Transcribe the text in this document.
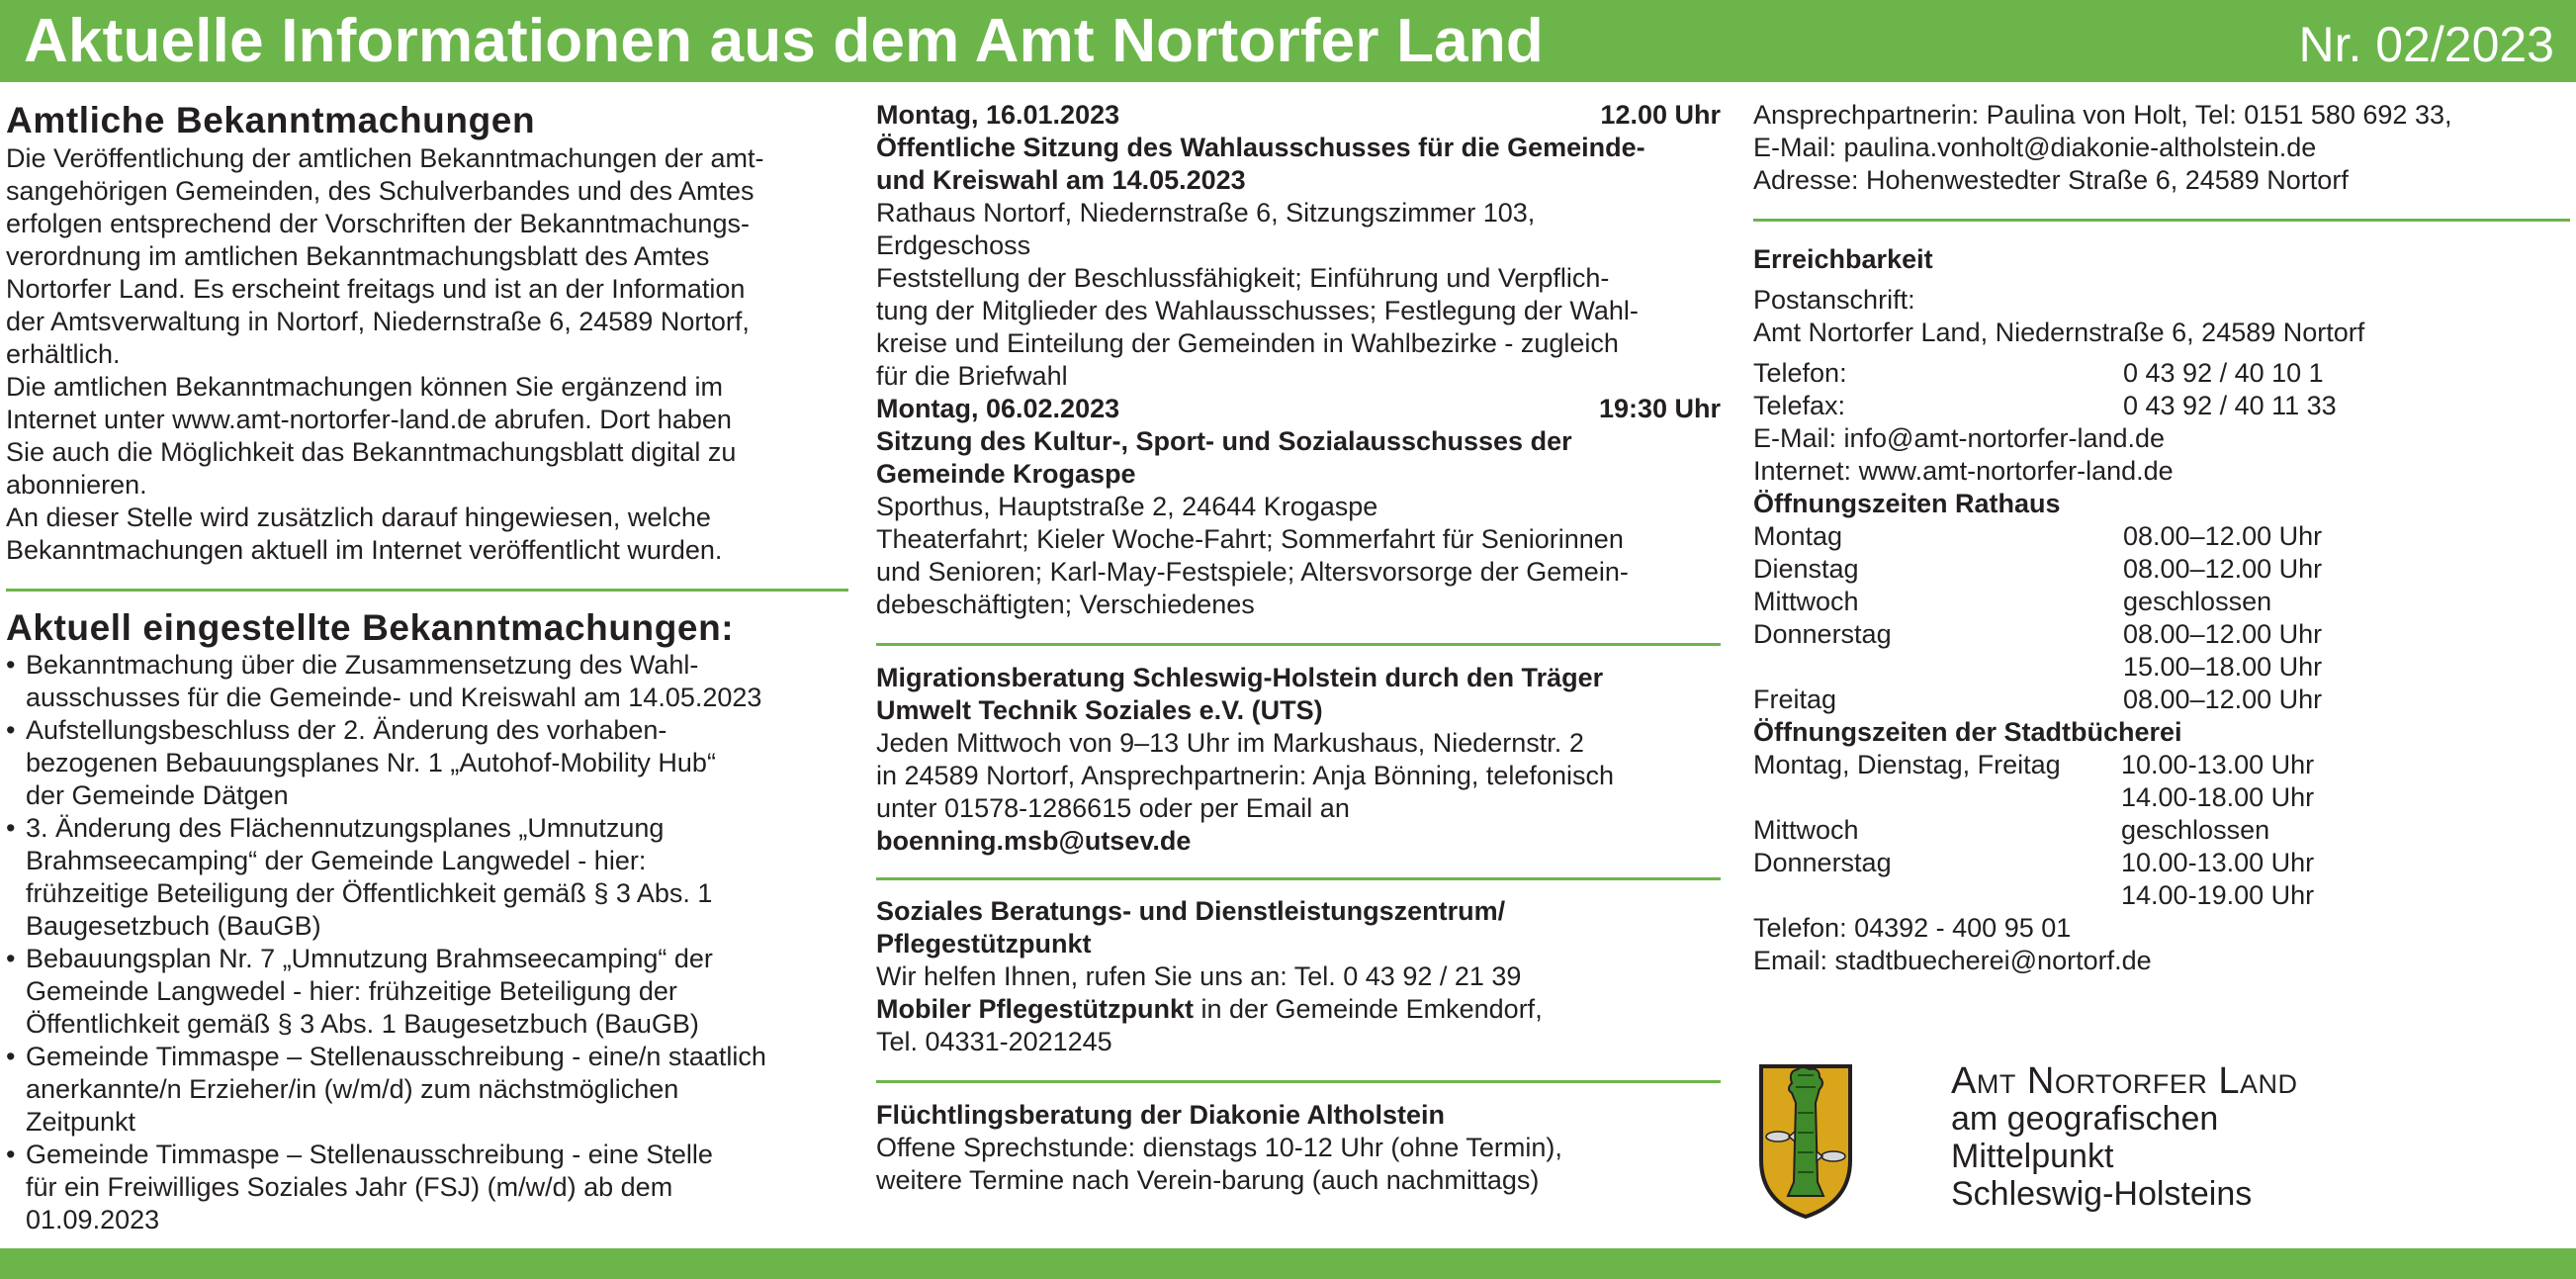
Aktuelle Informationen aus dem Amt Nortorfer Land	Nr. 02/2023
Amtliche Bekanntmachungen

Die Veröffentlichung der amtlichen Bekanntmachungen der amt-
sangehörigen Gemeinden, des Schulverbandes und des Amtes
erfolgen entsprechend der Vorschriften der Bekanntmachungs-
verordnung im amtlichen Bekanntmachungsblatt des Amtes
Nortorfer Land. Es erscheint freitags und ist an der Information
der Amtsverwaltung in Nortorf, Niedernstraße 6, 24589 Nortorf,
erhältlich.

Die amtlichen Bekanntmachungen können Sie ergänzend im
Internet unter www.amt-nortorfer-land.de abrufen. Dort haben
Sie auch die Möglichkeit das Bekanntmachungsblatt digital zu
abonnieren.

An dieser Stelle wird zusätzlich darauf hingewiesen, welche
Bekanntmachungen aktuell im Internet veröffentlicht wurden.

Aktuell eingestellte Bekanntmachungen:
• Bekanntmachung über die Zusammensetzung des Wahl-
ausschusses für die Gemeinde- und Kreiswahl am 14.05.2023
• Aufstellungsbeschluss der 2. Änderung des vorhaben-
bezogenen Bebauungsplanes Nr. 1 „Autohof-Mobility Hub“
der Gemeinde Dätgen
• 3. Änderung des Flächennutzungsplanes „Umnutzung
Brahmseecamping“ der Gemeinde Langwedel - hier:
frühzeitige Beteiligung der Öffentlichkeit gemäß § 3 Abs. 1
Baugesetzbuch (BauGB)
• Bebauungsplan Nr. 7 „Umnutzung Brahmseecamping“ der
Gemeinde Langwedel - hier: frühzeitige Beteiligung der
Öffentlichkeit gemäß § 3 Abs. 1 Baugesetzbuch (BauGB)
• Gemeinde Timmaspe – Stellenausschreibung - eine/n staatlich
anerkannte/n Erzieher/in (w/m/d) zum nächstmöglichen
Zeitpunkt
• Gemeinde Timmaspe – Stellenausschreibung - eine Stelle
für ein Freiwilliges Soziales Jahr (FSJ) (m/w/d) ab dem
01.09.2023
Montag, 16.01.2023	12.00 Uhr

Öffentliche Sitzung des Wahlausschusses für die Gemeinde-
und Kreiswahl am 14.05.2023

Rathaus Nortorf, Niedernstraße 6, Sitzungszimmer 103,
Erdgeschoss

Feststellung der Beschlussfähigkeit; Einführung und Verpflich-
tung der Mitglieder des Wahlausschusses; Festlegung der Wahl-
kreise und Einteilung der Gemeinden in Wahlbezirke - zugleich
für die Briefwahl

Montag, 06.02.2023	19:30 Uhr

Sitzung des Kultur-, Sport- und Sozialausschusses der
Gemeinde Krogaspe

Sporthus, Hauptstraße 2, 24644 Krogaspe

Theaterfahrt; Kieler Woche-Fahrt; Sommerfahrt für Seniorinnen
und Senioren; Karl-May-Festspiele; Altersvorsorge der Gemein-
debeschäftigten; Verschiedenes

Migrationsberatung Schleswig-Holstein durch den Träger
Umwelt Technik Soziales e.V. (UTS)

Jeden Mittwoch von 9–13 Uhr im Markushaus, Niedernstr. 2
in 24589 Nortorf, Ansprechpartnerin: Anja Bönning, telefonisch
unter 01578-1286615 oder per Email an

boenning.msb@utsev.de

Soziales Beratungs- und Dienstleistungszentrum/
Pflegestützpunkt

Wir helfen Ihnen, rufen Sie uns an: Tel. 0 43 92 / 21 39

Mobiler Pflegestützpunkt in der Gemeinde Emkendorf,

Tel. 04331-2021245

Flüchtlingsberatung der Diakonie Altholstein

Offene Sprechstunde: dienstags 10-12 Uhr (ohne Termin),
weitere Termine nach Verein-barung (auch nachmittags)

Ansprechpartnerin: Paulina von Holt, Tel: 0151 580 692 33,
E-Mail: paulina.vonholt@diakonie-altholstein.de
Adresse: Hohenwestedter Straße 6, 24589 Nortorf

Erreichbarkeit

Postanschrift:

Amt Nortorfer Land, Niedernstraße 6, 24589 Nortorf

Telefon:	0 43 92 / 40 10 1
Telefax:	0 43 92 / 40 11 33

E-Mail: info@amt-nortorfer-land.de

Internet: www.amt-nortorfer-land.de

Öffnungszeiten Rathaus

Montag	08.00–12.00 Uhr
Dienstag	08.00–12.00 Uhr
Mittwoch	geschlossen
Donnerstag	08.00–12.00 Uhr
15.00–18.00 Uhr
Freitag	08.00–12.00 Uhr

Öffnungszeiten der Stadtbücherei

Montag, Dienstag, Freitag	10.00-13.00 Uhr
14.00-18.00 Uhr
Mittwoch	geschlossen
Donnerstag	10.00-13.00 Uhr
14.00-19.00 Uhr

Telefon: 04392 - 400 95 01

Email: stadtbuecherei@nortorf.de

Amt Nortorfer Land
am geografischen
Mittelpunkt
Schleswig-Holsteins
